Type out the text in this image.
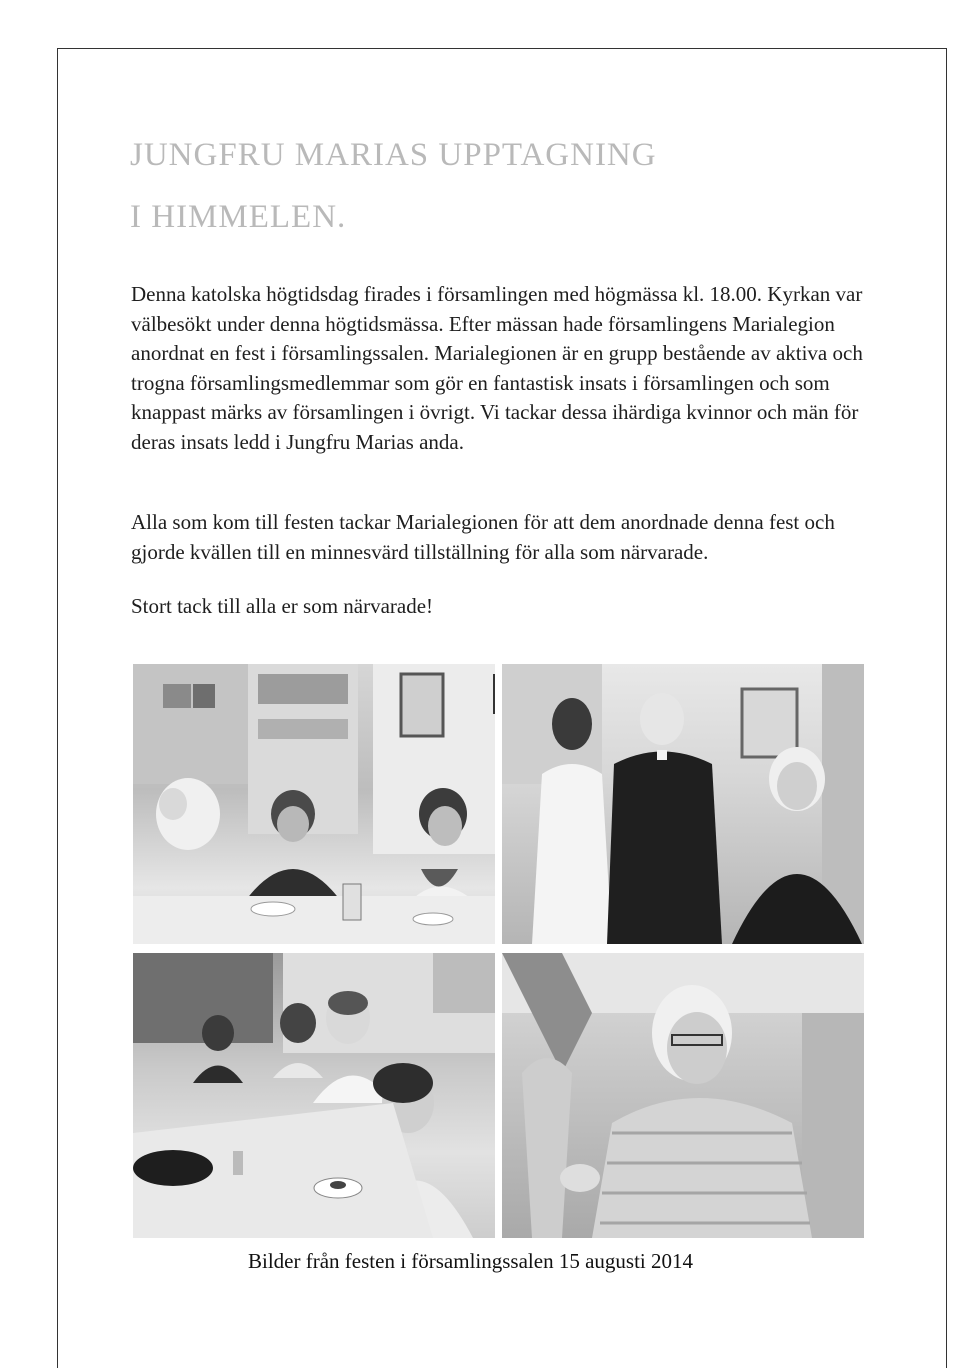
JUNGFRU MARIAS UPPTAGNING
I HIMMELEN.
Denna katolska högtidsdag firades i församlingen med högmässa kl. 18.00. Kyrkan var välbesökt under denna högtidsmässa. Efter mässan hade församlingens Marialegion anordnat en fest i församlingssalen. Marialegionen är en grupp bestående av aktiva och trogna församlingsmedlemmar som gör en fantastisk insats i församlingen och som knappast märks av församlingen i övrigt. Vi tackar dessa ihärdiga kvinnor och män för deras insats ledd i Jungfru Marias anda.
Alla som kom till festen tackar Marialegionen för att dem anordnade denna fest och gjorde kvällen till en minnesvärd tillställning för alla som närvarade.
Stort tack till alla er som närvarade!
Bilder från festen i församlingssalen 15 augusti 2014
